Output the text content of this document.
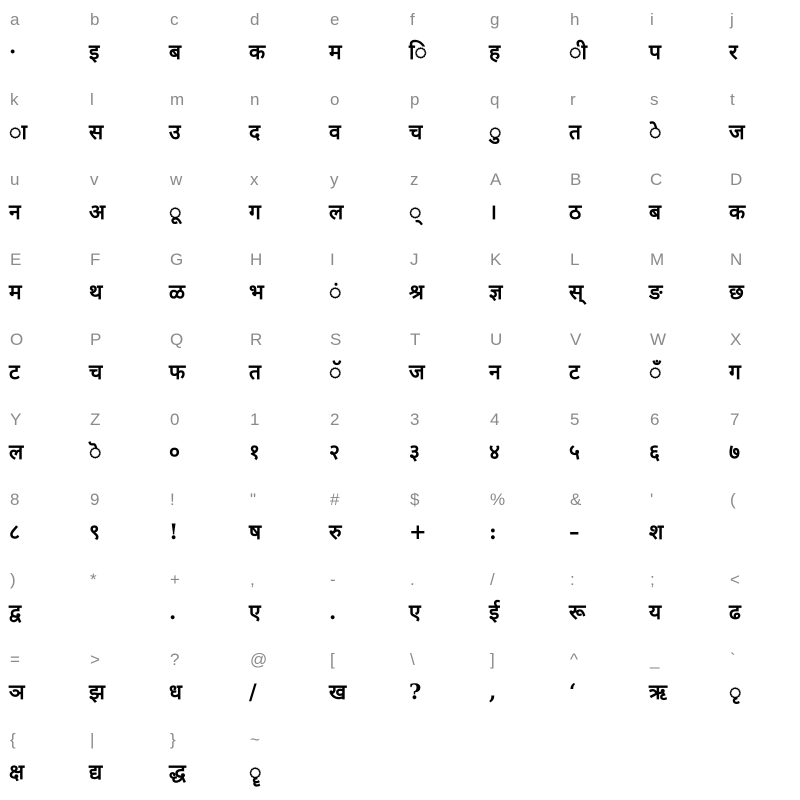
a
·
b
इ
c
ब
d
क
e
म
f
ि
g
ह
h
ी
i
प
j
र
k
ा
l
स
m
उ
n
द
o
व
p
च
q
ु
r
त
s
े
t
ज
u
न
v
अ
w
ू
x
ग
y
ल
z
्
A
।
B
ठ
C
ब
D
क
E
म
F
थ
G
ळ
H
भ
I
ं
J
श्र
K
ज्ञ
L
स्
M
ङ
N
छ
O
ट
P
च
Q
फ
R
त
S
ॅ
T
ज
U
न
V
ट
W
ँ
X
ग
Y
ल
Z
ॆ
0
०
1
१
2
२
3
३
4
४
5
५
6
६
7
७
8
८
9
९
!
!
"
ष
#
रु
$
+
%
:
&
–
'
श
(
)
द्व
*	+
.
,
ए
-
.
.
ए
/
ई
:
रू
;
य
<
ढ
=
ञ
>
झ
?
ध
@
/
[
ख
\
?
]
,
^
‘
_
ऋ
`
ृ
{
क्ष
|
द्य
}
द्ध
~
ॄ
